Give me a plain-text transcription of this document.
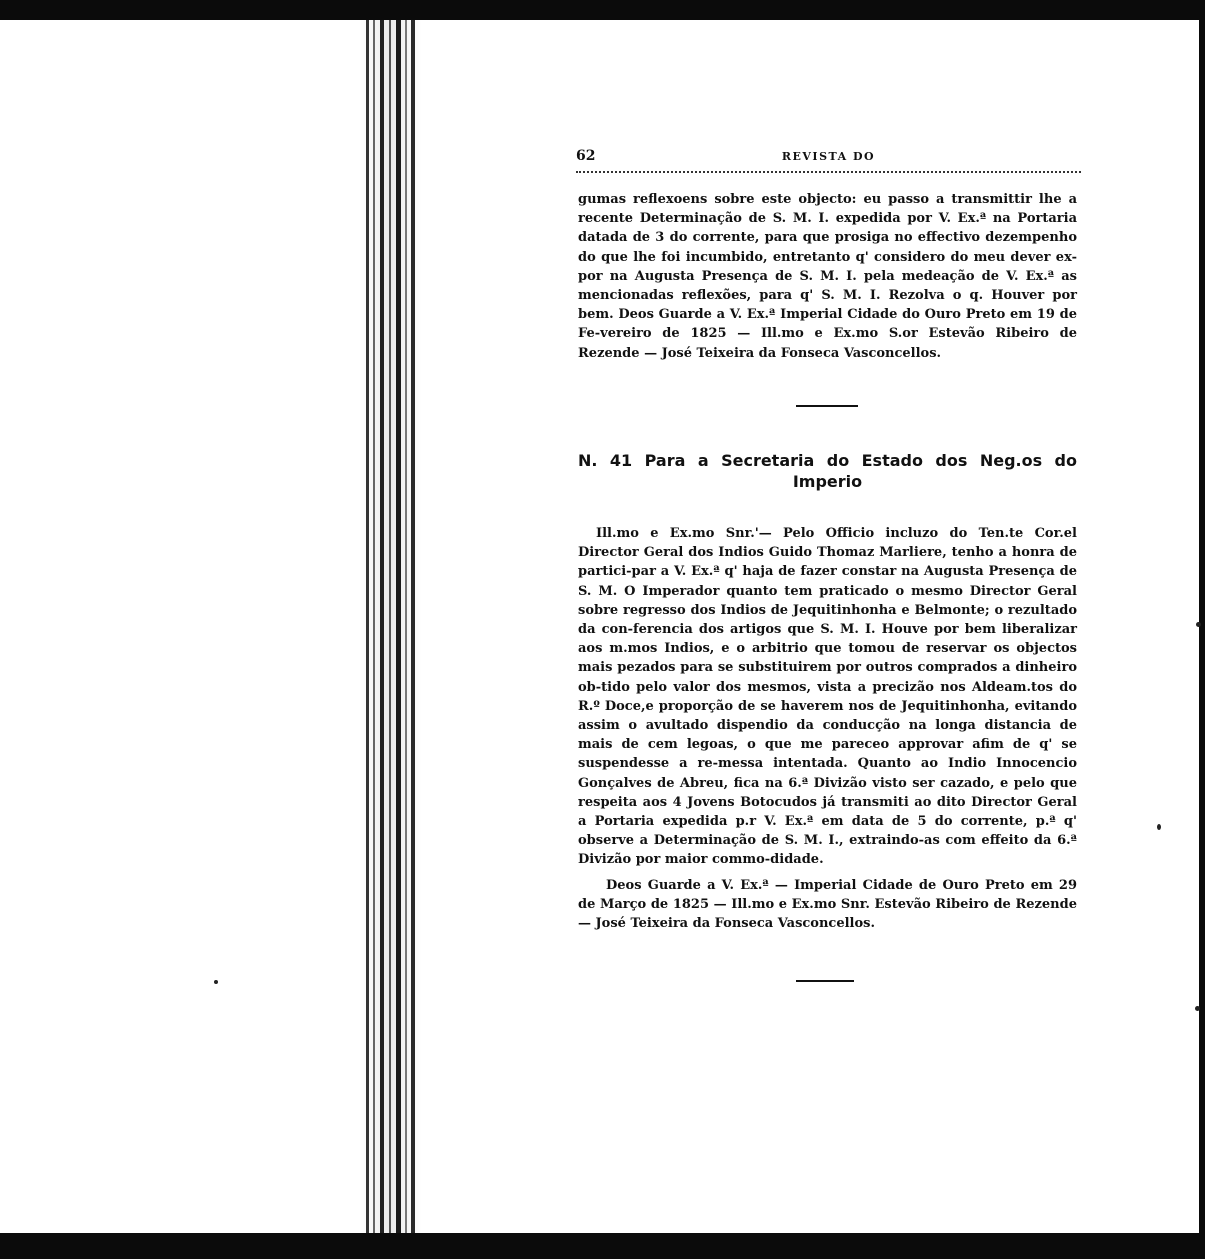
62	REVISTA DO
gumas reflexoens sobre este objecto: eu passo a transmittir lhe a recente Determinação de S. M. I. expedida por V. Ex.ª na Portaria datada de 3 do corrente, para que prosiga no effectivo dezempenho do que lhe foi incumbido, entretanto q' considero do meu dever ex-por na Augusta Presença de S. M. I. pela medeação de V. Ex.ª as mencionadas reflexões, para q' S. M. I. Rezolva o q. Houver por bem. Deos Guarde a V. Ex.ª Imperial Cidade do Ouro Preto em 19 de Fe-vereiro de 1825 — Ill.mo e Ex.mo S.or Estevão Ribeiro de Rezende — José Teixeira da Fonseca Vasconcellos.
N. 41 Para a Secretaria do Estado dos Neg.os do
Imperio
Ill.mo e Ex.mo Snr.'— Pelo Officio incluzo do Ten.te Cor.el Director Geral dos Indios Guido Thomaz Marliere, tenho a honra de partici-par a V. Ex.ª q' haja de fazer constar na Augusta Presença de S. M. O Imperador quanto tem praticado o mesmo Director Geral sobre regresso dos Indios de Jequitinhonha e Belmonte; o rezultado da con-ferencia dos artigos que S. M. I. Houve por bem liberalizar aos m.mos Indios, e o arbitrio que tomou de reservar os objectos mais pezados para se substituirem por outros comprados a dinheiro ob-tido pelo valor dos mesmos, vista a precizão nos Aldeam.tos do R.º Doce,e proporção de se haverem nos de Jequitinhonha, evitando assim o avultado dispendio da conducção na longa distancia de mais de cem legoas, o que me pareceo approvar afim de q' se suspendesse a re-messa intentada. Quanto ao Indio Innocencio Gonçalves de Abreu, fica na 6.ª Divizão visto ser cazado, e pelo que respeita aos 4 Jovens Botocudos já transmiti ao dito Director Geral a Portaria expedida p.r V. Ex.ª em data de 5 do corrente, p.ª q' observe a Determinação de S. M. I., extraindo-as com effeito da 6.ª Divizão por maior commo-didade.
Deos Guarde a V. Ex.ª — Imperial Cidade de Ouro Preto em 29 de Março de 1825 — Ill.mo e Ex.mo Snr. Estevão Ribeiro de Rezende — José Teixeira da Fonseca Vasconcellos.
